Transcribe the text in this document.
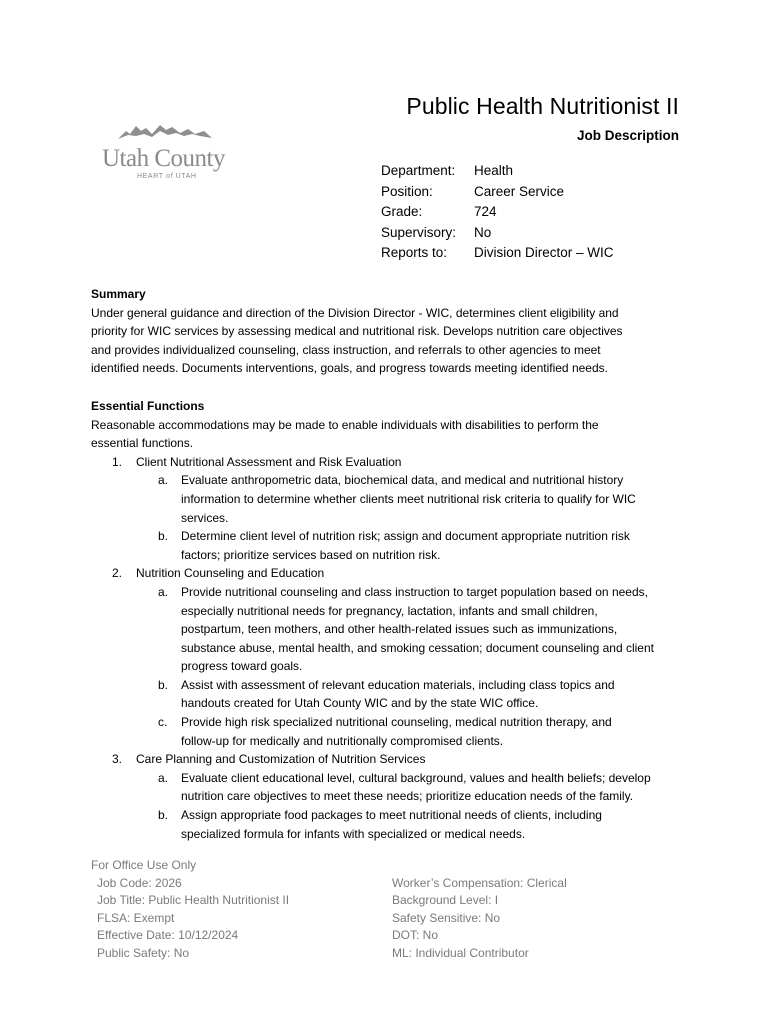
Utah County
HEART of UTAH
Public Health Nutritionist II
Job Description
Department: Health
Position:	Career Service
Grade:	724
Supervisory: No
Reports to: Division Director – WIC
Summary
Under general guidance and direction of the Division Director - WIC, determines client eligibility and
priority for WIC services by assessing medical and nutritional risk. Develops nutrition care objectives
and provides individualized counseling, class instruction, and referrals to other agencies to meet
identified needs. Documents interventions, goals, and progress towards meeting identified needs.
Essential Functions
Reasonable accommodations may be made to enable individuals with disabilities to perform the
essential functions.
1. Client Nutritional Assessment and Risk Evaluation
a. Evaluate anthropometric data, biochemical data, and medical and nutritional history
information to determine whether clients meet nutritional risk criteria to qualify for WIC
services.
b. Determine client level of nutrition risk; assign and document appropriate nutrition risk
factors; prioritize services based on nutrition risk.
2. Nutrition Counseling and Education
a. Provide nutritional counseling and class instruction to target population based on needs,
especially nutritional needs for pregnancy, lactation, infants and small children,
postpartum, teen mothers, and other health-related issues such as immunizations,
substance abuse, mental health, and smoking cessation; document counseling and client
progress toward goals.
b. Assist with assessment of relevant education materials, including class topics and
handouts created for Utah County WIC and by the state WIC office.
c. Provide high risk specialized nutritional counseling, medical nutrition therapy, and
follow-up for medically and nutritionally compromised clients.
3. Care Planning and Customization of Nutrition Services
a. Evaluate client educational level, cultural background, values and health beliefs; develop
nutrition care objectives to meet these needs; prioritize education needs of the family.
b. Assign appropriate food packages to meet nutritional needs of clients, including
specialized formula for infants with specialized or medical needs.
For Office Use Only
Job Code: 2026
Job Title: Public Health Nutritionist II
FLSA: Exempt
Effective Date: 10/12/2024
Public Safety: No
Worker’s Compensation: Clerical
Background Level: I
Safety Sensitive: No
DOT: No
ML: Individual Contributor
